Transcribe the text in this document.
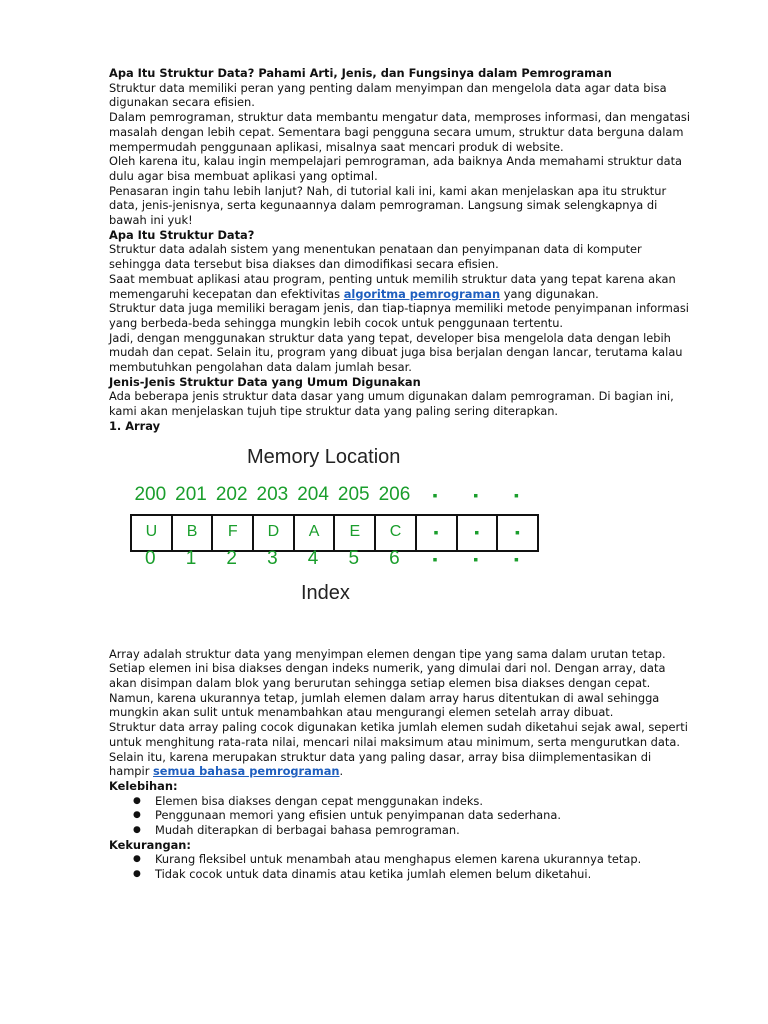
Apa Itu Struktur Data? Pahami Arti, Jenis, dan Fungsinya dalam Pemrograman

Struktur data memiliki peran yang penting dalam menyimpan dan mengelola data agar data bisa digunakan secara efisien.

Dalam pemrograman, struktur data membantu mengatur data, memproses informasi, dan mengatasi masalah dengan lebih cepat. Sementara bagi pengguna secara umum, struktur data berguna dalam mempermudah penggunaan aplikasi, misalnya saat mencari produk di website.

Oleh karena itu, kalau ingin mempelajari pemrograman, ada baiknya Anda memahami struktur data dulu agar bisa membuat aplikasi yang optimal.

Penasaran ingin tahu lebih lanjut? Nah, di tutorial kali ini, kami akan menjelaskan apa itu struktur data, jenis-jenisnya, serta kegunaannya dalam pemrograman. Langsung simak selengkapnya di bawah ini yuk!

Apa Itu Struktur Data?

Struktur data adalah sistem yang menentukan penataan dan penyimpanan data di komputer sehingga data tersebut bisa diakses dan dimodifikasi secara efisien.

Saat membuat aplikasi atau program, penting untuk memilih struktur data yang tepat karena akan memengaruhi kecepatan dan efektivitas algoritma pemrograman yang digunakan.

Struktur data juga memiliki beragam jenis, dan tiap-tiapnya memiliki metode penyimpanan informasi yang berbeda-beda sehingga mungkin lebih cocok untuk penggunaan tertentu.

Jadi, dengan menggunakan struktur data yang tepat, developer bisa mengelola data dengan lebih mudah dan cepat. Selain itu, program yang dibuat juga bisa berjalan dengan lancar, terutama kalau membutuhkan pengolahan data dalam jumlah besar.

Jenis-Jenis Struktur Data yang Umum Digunakan

Ada beberapa jenis struktur data dasar yang umum digunakan dalam pemrograman. Di bagian ini, kami akan menjelaskan tujuh tipe struktur data yang paling sering diterapkan.

1. Array
Memory Location
200 201 202 203 204 205 206	▪	▪	▪
U	B	F	D	A	E	C	▪	▪	▪
0	1	2	3	4	5	6	▪	▪	▪
Index

Array adalah struktur data yang menyimpan elemen dengan tipe yang sama dalam urutan tetap. Setiap elemen ini bisa diakses dengan indeks numerik, yang dimulai dari nol. Dengan array, data akan disimpan dalam blok yang berurutan sehingga setiap elemen bisa diakses dengan cepat.

Namun, karena ukurannya tetap, jumlah elemen dalam array harus ditentukan di awal sehingga mungkin akan sulit untuk menambahkan atau mengurangi elemen setelah array dibuat.

Struktur data array paling cocok digunakan ketika jumlah elemen sudah diketahui sejak awal, seperti untuk menghitung rata-rata nilai, mencari nilai maksimum atau minimum, serta mengurutkan data.

Selain itu, karena merupakan struktur data yang paling dasar, array bisa diimplementasikan di hampir semua bahasa pemrograman.

Kelebihan:
● Elemen bisa diakses dengan cepat menggunakan indeks.
● Penggunaan memori yang efisien untuk penyimpanan data sederhana.
● Mudah diterapkan di berbagai bahasa pemrograman.
Kekurangan:
● Kurang fleksibel untuk menambah atau menghapus elemen karena ukurannya tetap.
● Tidak cocok untuk data dinamis atau ketika jumlah elemen belum diketahui.
